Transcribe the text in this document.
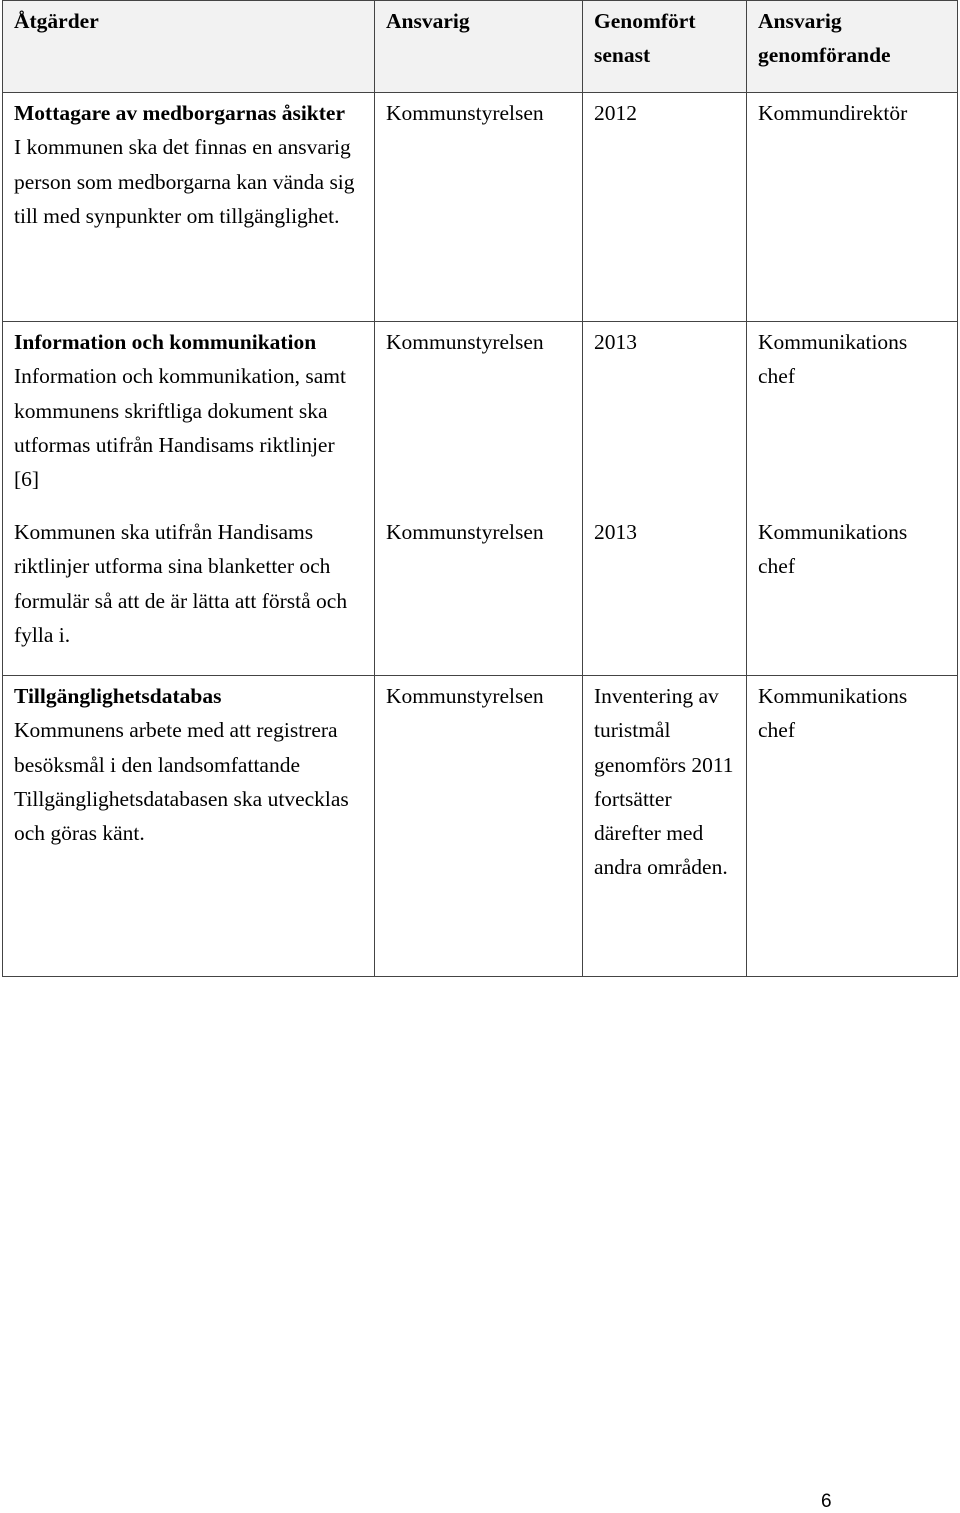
Åtgärder	Ansvarig	Genomfört senast	Ansvarig genomförande

Mottagare av medborgarnas åsikter
I kommunen ska det finnas en ansvarig person som medborgarna kan vända sig till med synpunkter om tillgänglighet.	Kommunstyrelsen	2012	Kommundirektör

Information och kommunikation
Information och kommunikation, samt kommunens skriftliga dokument ska utformas utifrån Handisams riktlinjer [6]	Kommunstyrelsen	2013	Kommunikations chef

Kommunen ska utifrån Handisams riktlinjer utforma sina blanketter och formulär så att de är lätta att förstå och fylla i.	Kommunstyrelsen	2013	Kommunikations chef

Tillgänglighetsdatabas
Kommunens arbete med att registrera besöksmål i den landsomfattande Tillgänglighetsdatabasen ska utvecklas och göras känt.	Kommunstyrelsen	Inventering av turistmål genomförs 2011 fortsätter därefter med andra områden.	Kommunikations chef
6
